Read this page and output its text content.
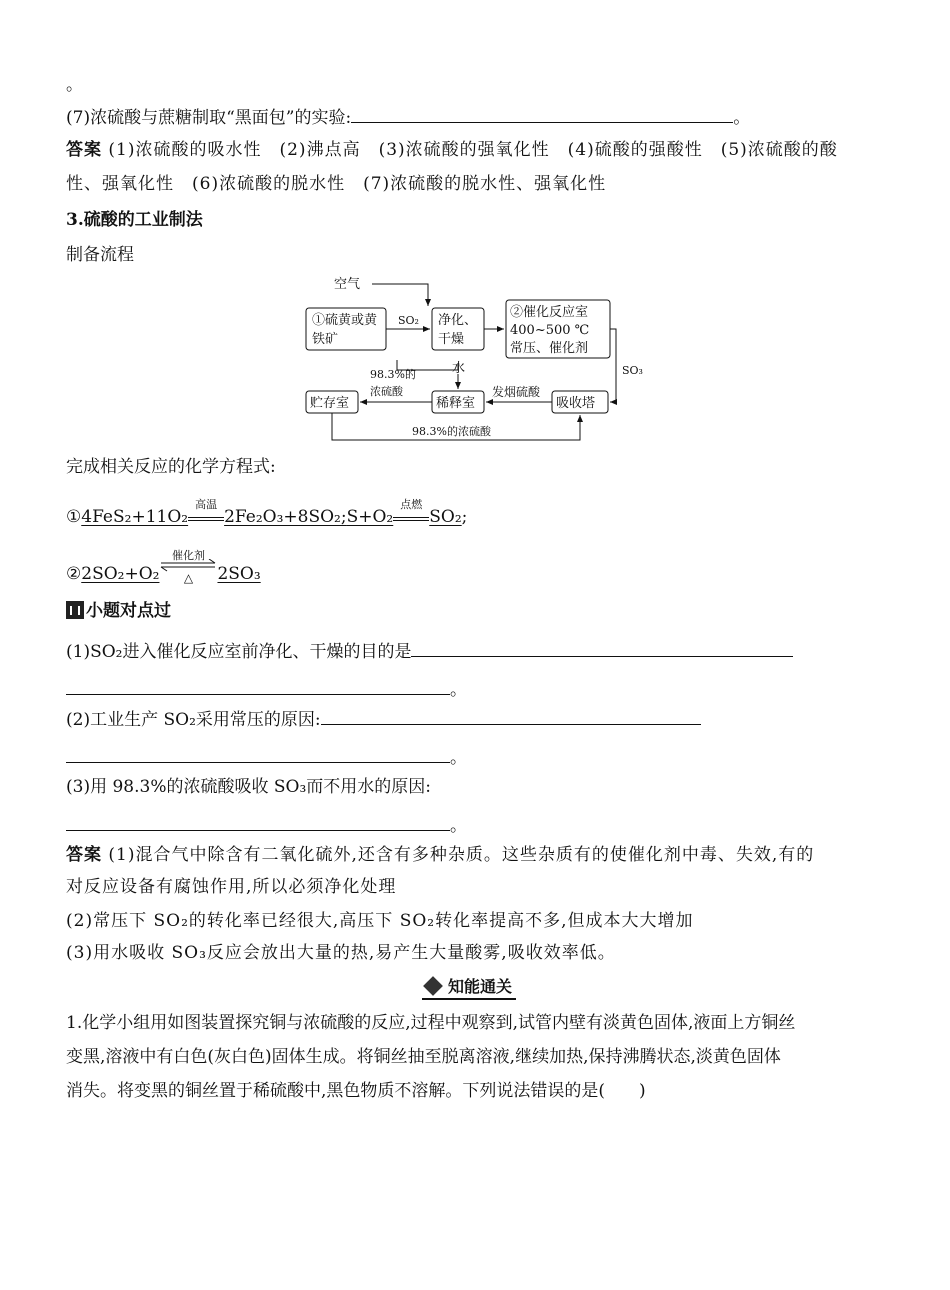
。
(7)浓硫酸与蔗糖制取“黑面包”的实验:	。
答案 (1)浓硫酸的吸水性　(2)沸点高　(3)浓硫酸的强氧化性　(4)硫酸的强酸性　(5)浓硫酸的酸
性、强氧化性　(6)浓硫酸的脱水性　(7)浓硫酸的脱水性、强氧化性
3.硫酸的工业制法
制备流程
空气
①硫黄或黄
铁矿
SO₂ 净化、
干燥
②催化反应室
400~500 ℃
常压、催化剂
SO₃
水
98.3%的
浓硫酸
贮存室	稀释室
发烟硫酸
吸收塔
98.3%的浓硫酸
完成相关反应的化学方程式:
①4FeS₂+11O₂
高温
2Fe₂O₃+8SO₂;S+O₂
点燃
SO₂;
②2SO₂+O₂
催化剂
△	2SO₃
小题对点过
(1)SO₂进入催化反应室前净化、干燥的目的是
。
(2)工业生产 SO₂采用常压的原因:
。
(3)用 98.3%的浓硫酸吸收 SO₃而不用水的原因:
。
答案 (1)混合气中除含有二氧化硫外,还含有多种杂质。这些杂质有的使催化剂中毒、失效,有的
对反应设备有腐蚀作用,所以必须净化处理
(2)常压下 SO₂的转化率已经很大,高压下 SO₂转化率提高不多,但成本大大增加
(3)用水吸收 SO₃反应会放出大量的热,易产生大量酸雾,吸收效率低。
知能通关
1.化学小组用如图装置探究铜与浓硫酸的反应,过程中观察到,试管内壁有淡黄色固体,液面上方铜丝
变黑,溶液中有白色(灰白色)固体生成。将铜丝抽至脱离溶液,继续加热,保持沸腾状态,淡黄色固体
消失。将变黑的铜丝置于稀硫酸中,黑色物质不溶解。下列说法错误的是(　　)
